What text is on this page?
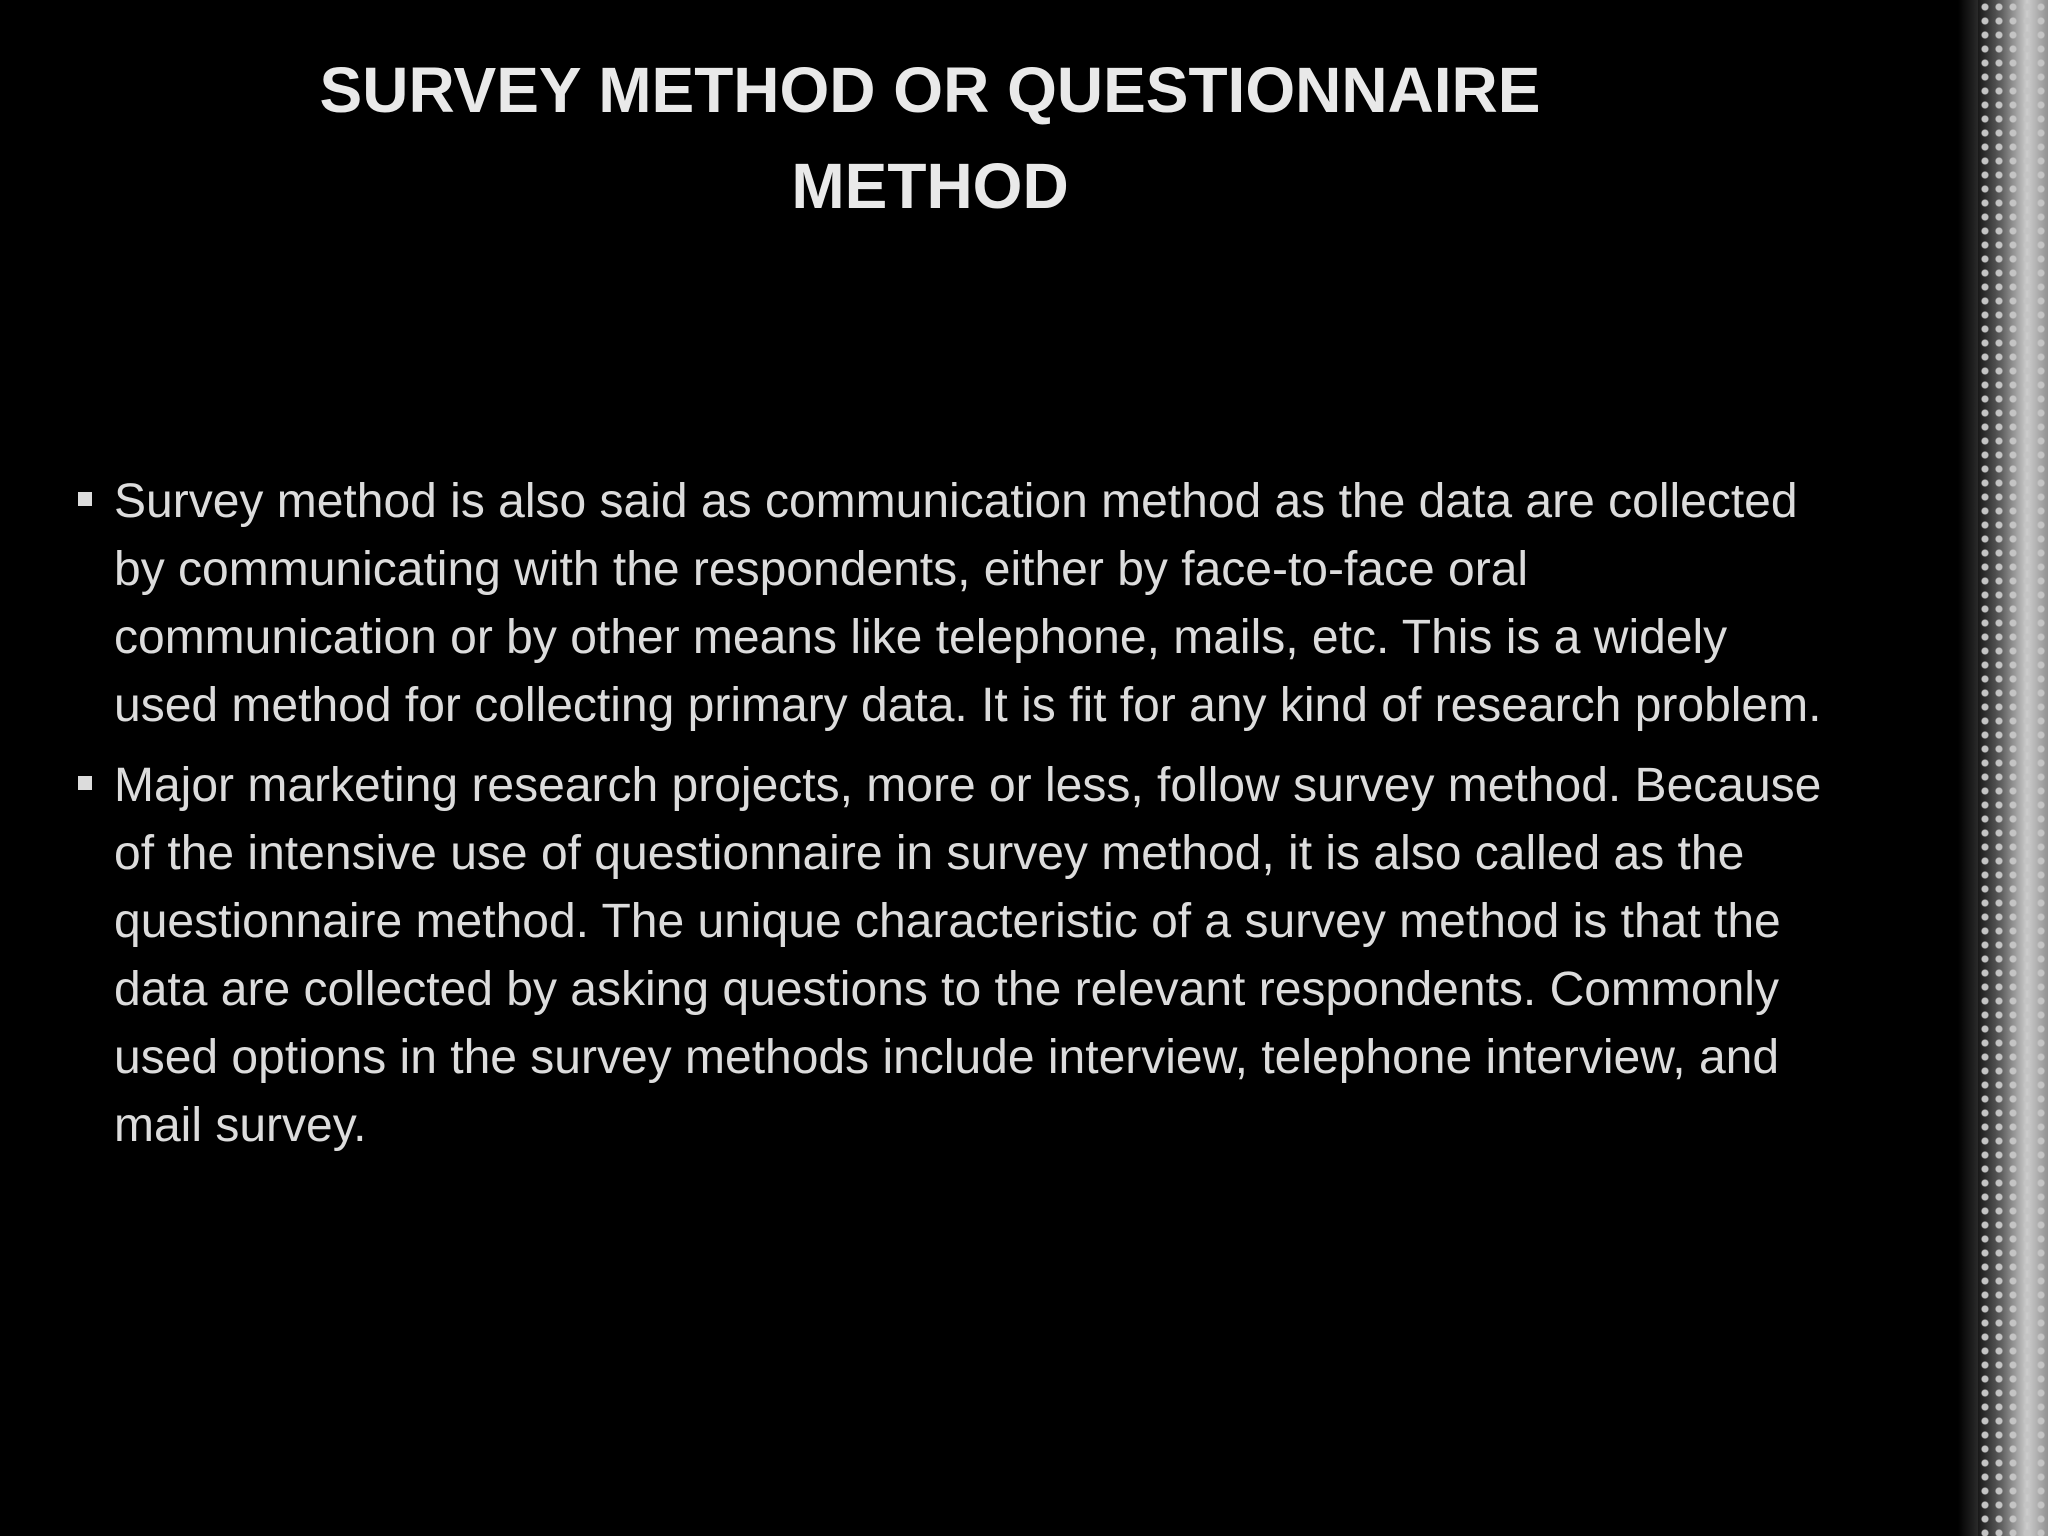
SURVEY METHOD OR QUESTIONNAIRE
METHOD
Survey method is also said as communication method as the data are collected by communicating with the respondents, either by face-to-face oral communication or by other means like telephone, mails, etc. This is a widely used method for collecting primary data. It is fit for any kind of research problem.
Major marketing research projects, more or less, follow survey method. Because of the intensive use of questionnaire in survey method, it is also called as the questionnaire method. The unique characteristic of a survey method is that the data are collected by asking questions to the relevant respondents. Commonly used options in the survey methods include interview, telephone interview, and mail survey.
